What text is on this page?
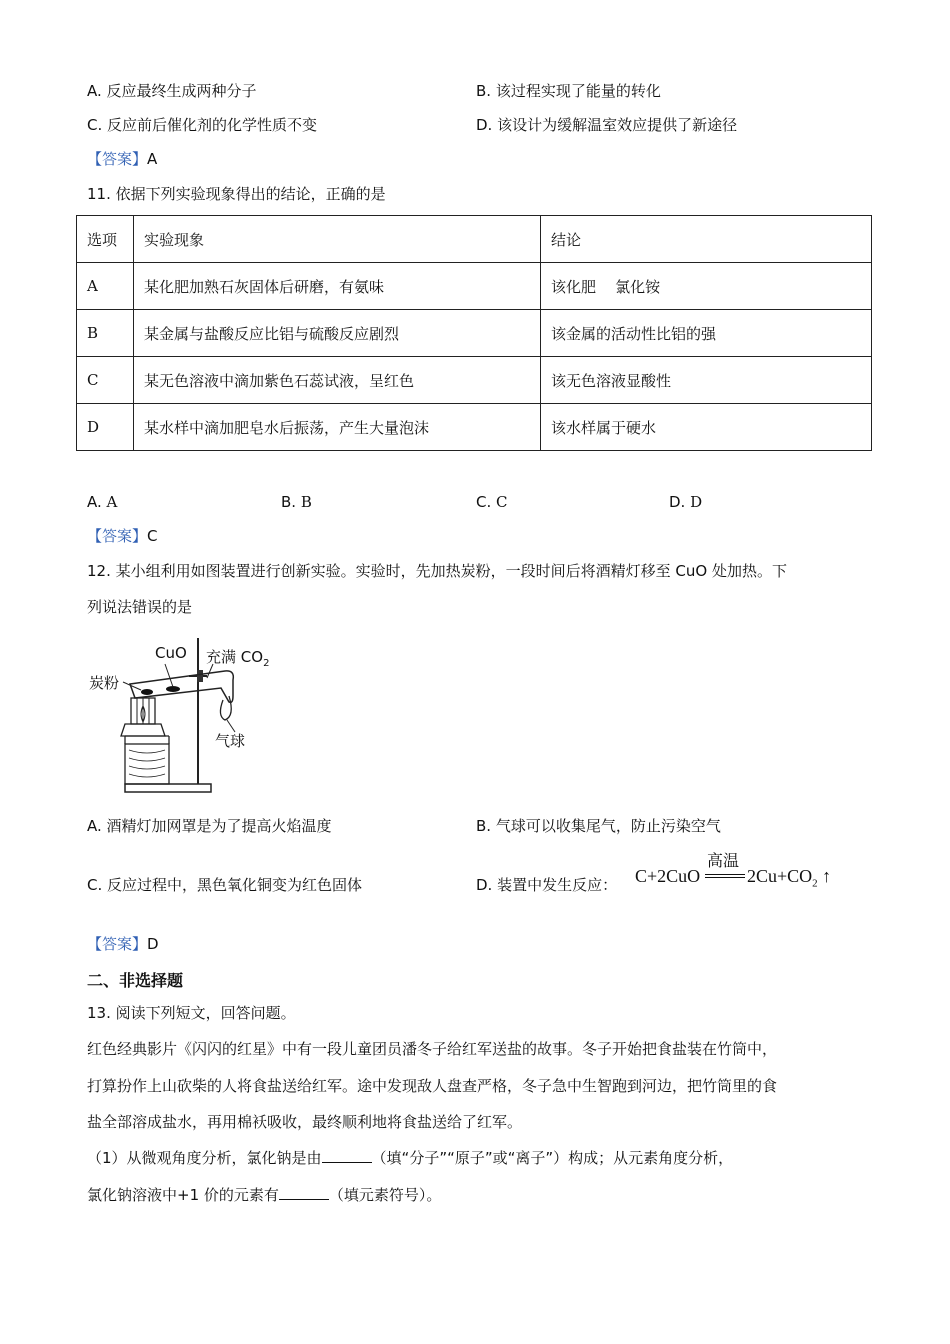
A. 反应最终生成两种分子	B. 该过程实现了能量的转化
C. 反应前后催化剂的化学性质不变	D. 该设计为缓解温室效应提供了新途径
【答案】A
11. 依据下列实验现象得出的结论，正确的是
选项	实验现象	结论
A	某化肥加熟石灰固体后研磨，有氨味	该化肥    氯化铵
B	某金属与盐酸反应比铝与硫酸反应剧烈	该金属的活动性比铝的强
C	某无色溶液中滴加紫色石蕊试液，呈红色	该无色溶液显酸性
D	某水样中滴加肥皂水后振荡，产生大量泡沫	该水样属于硬水
A. A	B. B	C. C	D. D
【答案】C
12. 某小组利用如图装置进行创新实验。实验时，先加热炭粉，一段时间后将酒精灯移至 CuO 处加热。下
列说法错误的是
CuO 充满 $CO_2$
炭粉
气球
A. 酒精灯加网罩是为了提高火焰温度	B. 气球可以收集尾气，防止污染空气
C. 反应过程中，黑色氧化铜变为红色固体	D. 装置中发生反应： C+2CuO
高温
$2Cu+CO_2$ ↑
【答案】D
二、非选择题
13. 阅读下列短文，回答问题。
红色经典影片《闪闪的红星》中有一段儿童团员潘冬子给红军送盐的故事。冬子开始把食盐装在竹筒中，
打算扮作上山砍柴的人将食盐送给红军。途中发现敌人盘查严格，冬子急中生智跑到河边，把竹筒里的食
盐全部溶成盐水，再用棉袄吸收，最终顺利地将食盐送给了红军。
（1）从微观角度分析，氯化钠是由	（填“分子”“原子”或“离子”）构成；从元素角度分析，
氯化钠溶液中+1 价的元素有	（填元素符号）。
